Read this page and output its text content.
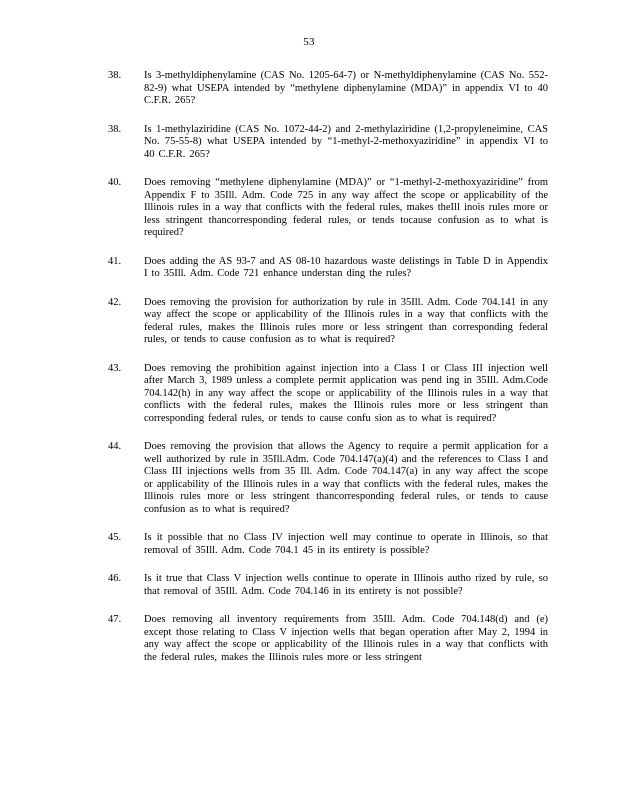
53
38.	Is 3-methyldiphenylamine (CAS No. 1205-64-7) or N-methyldiphenylamine (CAS No. 552-82-9) what USEPA intended by “methylene diphenylamine (MDA)” in appendix VI to 40 C.F.R. 265?
38.	Is 1-methylaziridine (CAS No. 1072-44-2) and 2-methylaziridine (1,2-propyleneimine, CAS No. 75-55-8) what USEPA intended by “1-methyl-2-methoxyaziridine” in appendix VI to 40 C.F.R. 265?
40.	Does removing “methylene diphenylamine (MDA)” or “1-methyl-2-methoxyaziridine” from Appendix F to 35Ill. Adm. Code 725 in any way affect the scope or applicability of the Illinois rules in a way that conflicts with the federal rules, makes theIll inois rules more or less stringent thancorresponding federal rules, or tends tocause confusion as to what is required?
41.	Does adding the AS 93-7 and AS 08-10 hazardous waste delistings in Table D in Appendix I to 35Ill. Adm. Code 721 enhance understan ding the rules?
42.	Does removing the provision for authorization by rule in 35Ill. Adm. Code 704.141 in any way affect the scope or applicability of the Illinois rules in a way that conflicts with the federal rules, makes the Illinois rules more or less stringent than corresponding federal rules, or tends to cause confusion as to what is required?
43.	Does removing the prohibition against injection into a Class I or Class III injection well after March 3, 1989 unless a complete permit application was pend ing in 35Ill. Adm.Code 704.142(h) in any way affect the scope or applicability of the Illinois rules in a way that conflicts with the federal rules, makes the Illinois rules more or less stringent than corresponding federal rules, or tends to cause confu sion as to what is required?
44.	Does removing the provision that allows the Agency to require a permit application for a well authorized by rule in 35Ill.Adm. Code 704.147(a)(4) and the references to Class I and Class III injections wells from 35 Ill. Adm. Code 704.147(a) in any way affect the scope or applicability of the Illinois rules in a way that conflicts with the federal rules, makes the Illinois rules more or less stringent thancorresponding federal rules, or tends to cause confusion as to what is required?
45.	Is it possible that no Class IV injection well may continue to operate in Illinois, so that removal of 35Ill. Adm. Code 704.1 45 in its entirety is possible?
46.	Is it true that Class V injection wells continue to operate in Illinois autho rized by rule, so that removal of 35Ill. Adm. Code 704.146 in its entirety is not possible?
47.	Does removing all inventory requirements from 35Ill. Adm. Code 704.148(d) and (e) except those relating to Class V injection wells that began operation after May 2, 1994 in any way affect the scope or applicability of the Illinois rules in a way that conflicts with the federal rules, makes the Illinois rules more or less stringent
